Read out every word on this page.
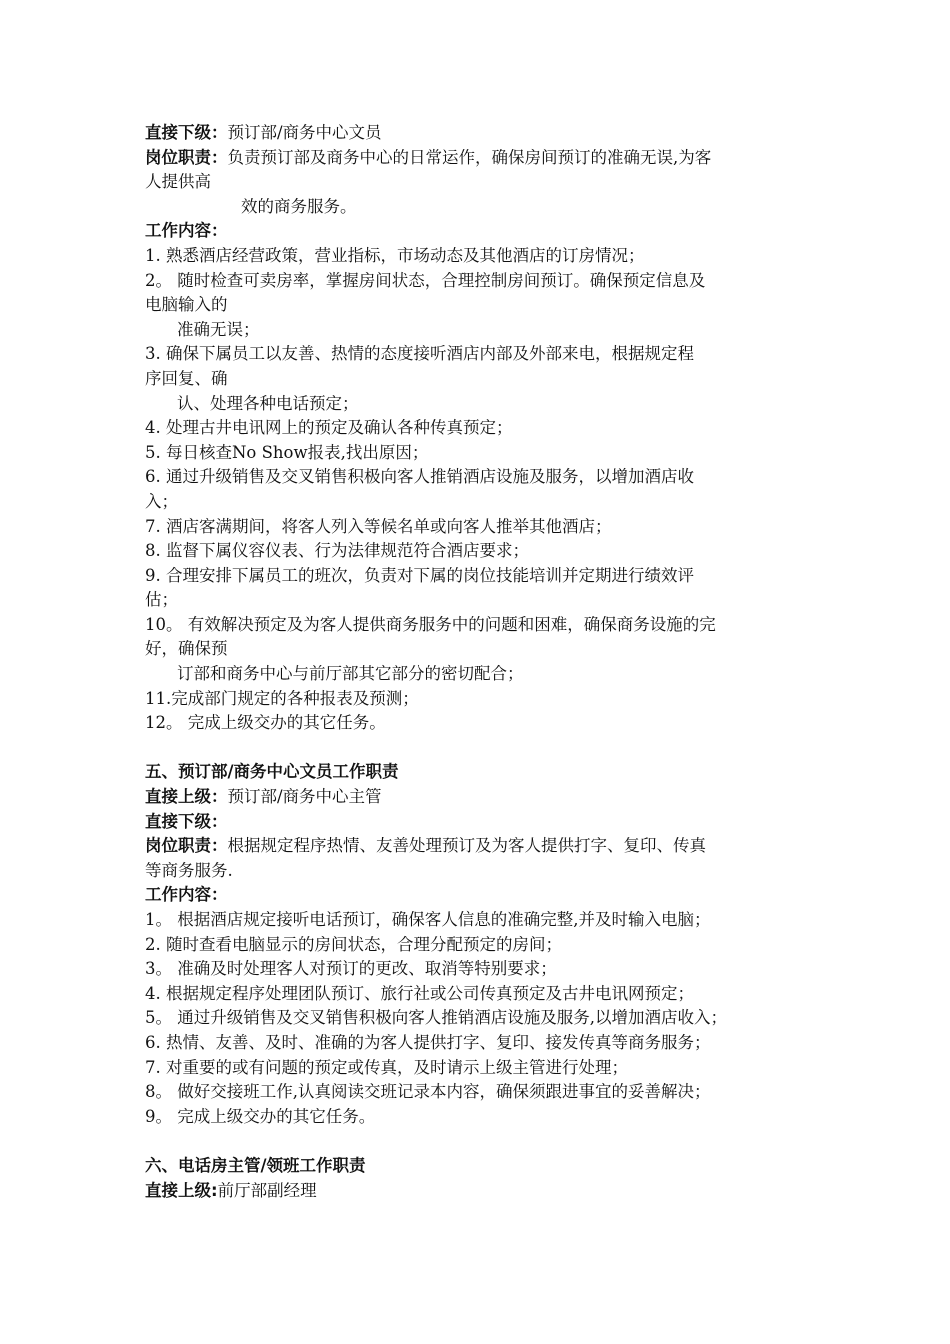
直接下级：预订部/商务中心文员
岗位职责：负责预订部及商务中心的日常运作，确保房间预订的准确无误,为客
人提供高
效的商务服务。
工作内容：
1. 熟悉酒店经营政策，营业指标，市场动态及其他酒店的订房情况；
2。 随时检查可卖房率，掌握房间状态，合理控制房间预订。确保预定信息及
电脑输入的
准确无误；
3. 确保下属员工以友善、热情的态度接听酒店内部及外部来电，根据规定程
序回复、确
认、处理各种电话预定；
4. 处理古井电讯网上的预定及确认各种传真预定；
5. 每日核查No Show报表,找出原因；
6. 通过升级销售及交叉销售积极向客人推销酒店设施及服务，以增加酒店收
入；
7. 酒店客满期间，将客人列入等候名单或向客人推举其他酒店；
8. 监督下属仪容仪表、行为法律规范符合酒店要求；
9. 合理安排下属员工的班次，负责对下属的岗位技能培训并定期进行绩效评
估；
10。 有效解决预定及为客人提供商务服务中的问题和困难，确保商务设施的完
好，确保预
订部和商务中心与前厅部其它部分的密切配合；
11.完成部门规定的各种报表及预测；
12。 完成上级交办的其它任务。
五、预订部/商务中心文员工作职责
直接上级：预订部/商务中心主管
直接下级：
岗位职责：根据规定程序热情、友善处理预订及为客人提供打字、复印、传真
等商务服务.
工作内容：
1。 根据酒店规定接听电话预订，确保客人信息的准确完整,并及时输入电脑；
2. 随时查看电脑显示的房间状态，合理分配预定的房间；
3。 准确及时处理客人对预订的更改、取消等特别要求；
4. 根据规定程序处理团队预订、旅行社或公司传真预定及古井电讯网预定；
5。 通过升级销售及交叉销售积极向客人推销酒店设施及服务,以增加酒店收入；
6. 热情、友善、及时、准确的为客人提供打字、复印、接发传真等商务服务；
7. 对重要的或有问题的预定或传真，及时请示上级主管进行处理；
8。 做好交接班工作,认真阅读交班记录本内容，确保须跟进事宜的妥善解决；
9。 完成上级交办的其它任务。
六、电话房主管/领班工作职责
直接上级:前厅部副经理
